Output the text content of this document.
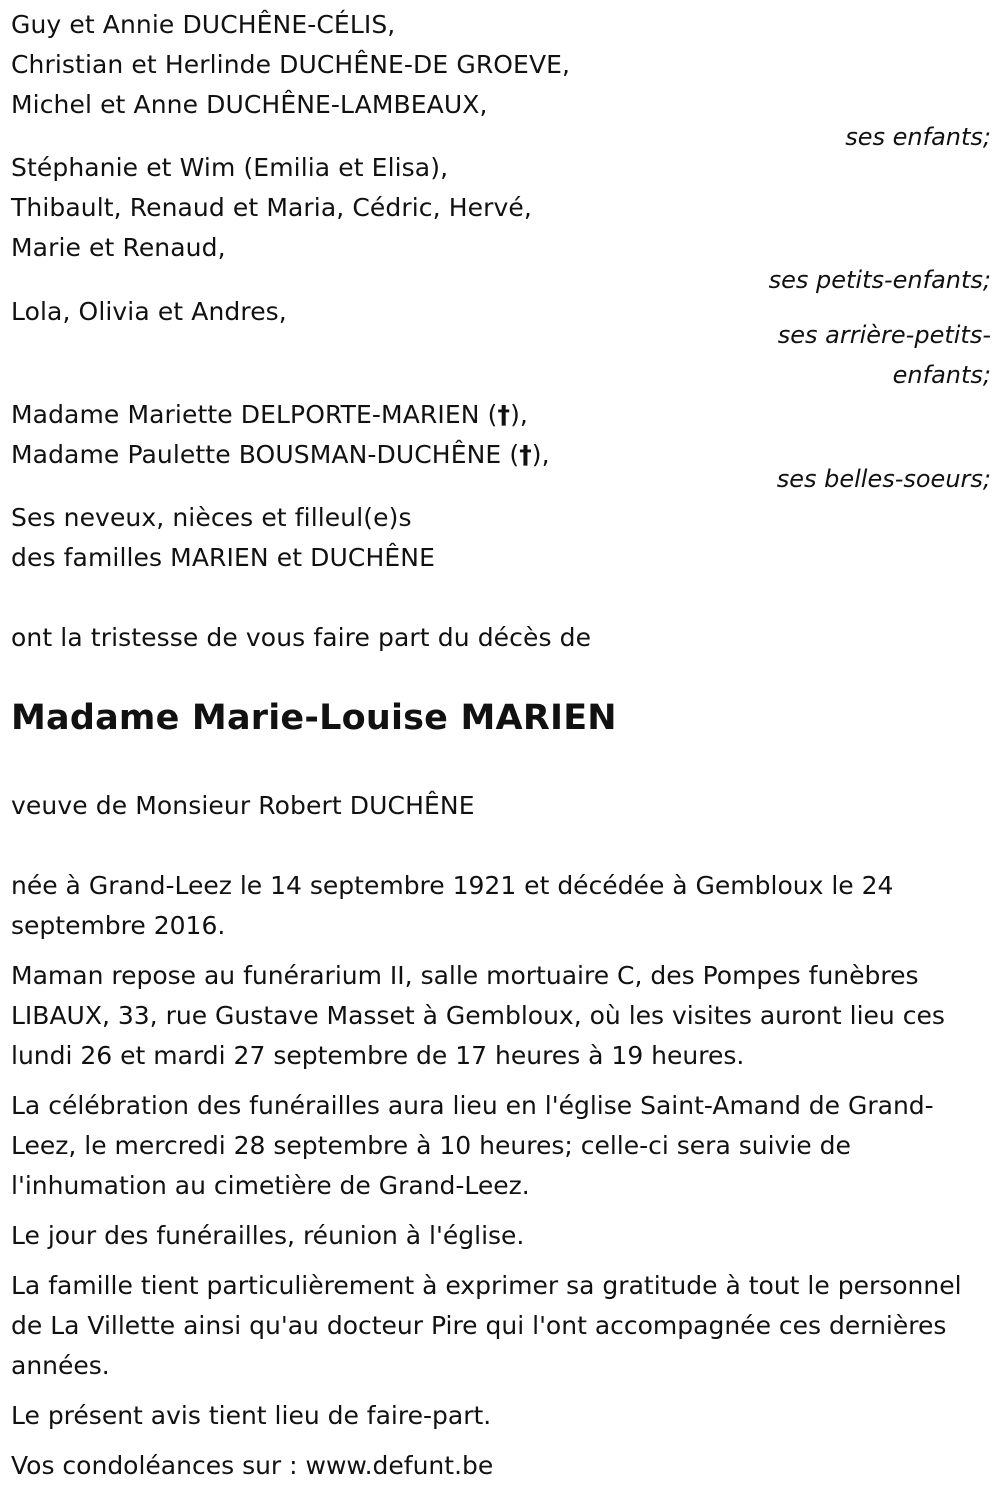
Guy et Annie DUCHÊNE-CÉLIS,
Christian et Herlinde DUCHÊNE-DE GROEVE,
Michel et Anne DUCHÊNE-LAMBEAUX,
ses enfants;
Stéphanie et Wim (Emilia et Elisa),
Thibault, Renaud et Maria, Cédric, Hervé,
Marie et Renaud,
ses petits-enfants;
Lola, Olivia et Andres,
ses arrière-petits-
enfants;
Madame Mariette DELPORTE-MARIEN (†),
Madame Paulette BOUSMAN-DUCHÊNE (†),
ses belles-soeurs;
Ses neveux, nièces et filleul(e)s
des familles MARIEN et DUCHÊNE
ont la tristesse de vous faire part du décès de
Madame Marie-Louise MARIEN
veuve de Monsieur Robert DUCHÊNE
née à Grand-Leez le 14 septembre 1921 et décédée à Gembloux le 24 septembre 2016.
Maman repose au funérarium II, salle mortuaire C, des Pompes funèbres LIBAUX, 33, rue Gustave Masset à Gembloux, où les visites auront lieu ces lundi 26 et mardi 27 septembre de 17 heures à 19 heures.
La célébration des funérailles aura lieu en l'église Saint-Amand de Grand-Leez, le mercredi 28 septembre à 10 heures; celle-ci sera suivie de l'inhumation au cimetière de Grand-Leez.
Le jour des funérailles, réunion à l'église.
La famille tient particulièrement à exprimer sa gratitude à tout le personnel de La Villette ainsi qu'au docteur Pire qui l'ont accompagnée ces dernières années.
Le présent avis tient lieu de faire-part.
Vos condoléances sur : www.defunt.be
